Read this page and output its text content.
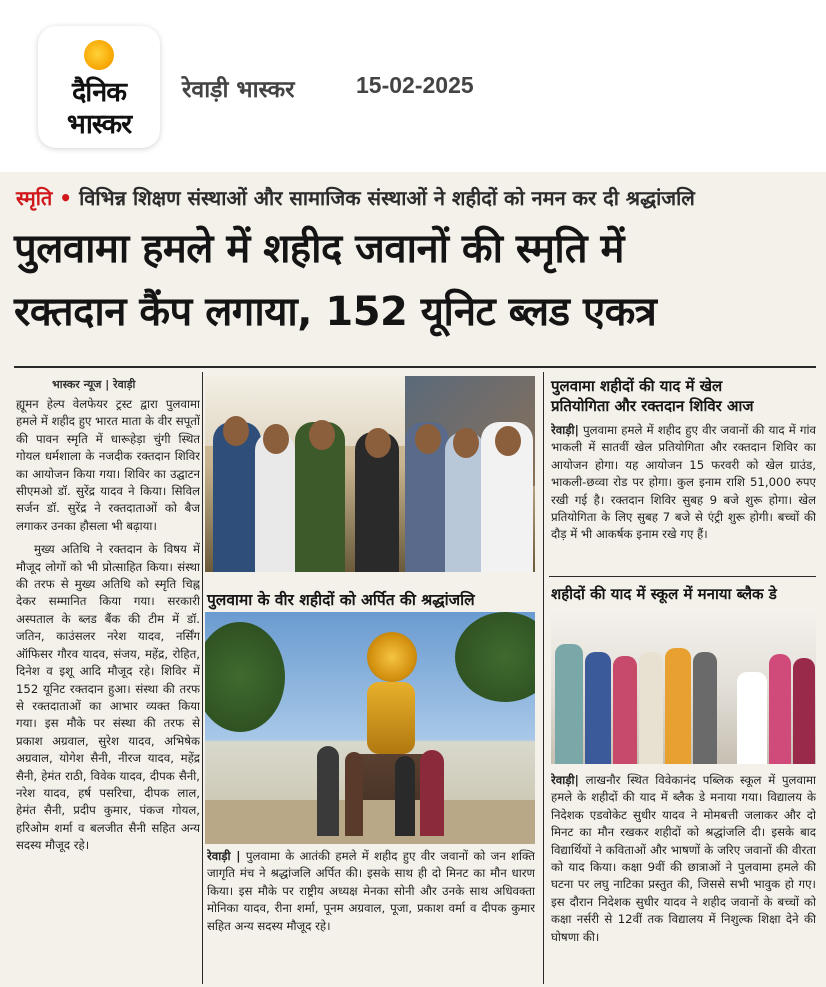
दैनिक
भास्कर
रेवाड़ी भास्कर	15-02-2025
स्मृति • विभिन्न शिक्षण संस्थाओं और सामाजिक संस्थाओं ने शहीदों को नमन कर दी श्रद्धांजलि
पुलवामा हमले में शहीद जवानों की स्मृति में
रक्तदान कैंप लगाया, 152 यूनिट ब्लड एकत्र
भास्कर न्यूज | रेवाड़ी

ह्यूमन हेल्प वेलफेयर ट्रस्ट द्वारा पुलवामा हमले में शहीद हुए भारत माता के वीर सपूतों की पावन स्मृति में धारूहेड़ा चुंगी स्थित गोयल धर्मशाला के नजदीक रक्तदान शिविर का आयोजन किया गया। शिविर का उद्घाटन सीएमओ डॉ. सुरेंद्र यादव ने किया। सिविल सर्जन डॉ. सुरेंद्र ने रक्तदाताओं को बैज लगाकर उनका हौसला भी बढ़ाया।

मुख्य अतिथि ने रक्तदान के विषय में मौजूद लोगों को भी प्रोत्साहित किया। संस्था की तरफ से मुख्य अतिथि को स्मृति चिह्न देकर सम्मानित किया गया। सरकारी अस्पताल के ब्लड बैंक की टीम में डॉ. जतिन, काउंसलर नरेश यादव, नर्सिंग ऑफिसर गौरव यादव, संजय, महेंद्र, रोहित, दिनेश व इशू आदि मौजूद रहे। शिविर में 152 यूनिट रक्तदान हुआ। संस्था की तरफ से रक्तदाताओं का आभार व्यक्त किया गया। इस मौके पर संस्था की तरफ से प्रकाश अग्रवाल, सुरेश यादव, अभिषेक अग्रवाल, योगेश सैनी, नीरज यादव, महेंद्र सैनी, हेमंत राठी, विवेक यादव, दीपक सैनी, नरेश यादव, हर्ष पसरिचा, दीपक लाल, हेमंत सैनी, प्रदीप कुमार, पंकज गोयल, हरिओम शर्मा व बलजीत सैनी सहित अन्य सदस्य मौजूद रहे।

पुलवामा शहीदों की याद में खेल
प्रतियोगिता और रक्तदान शिविर आज
रेवाड़ी| पुलवामा हमले में शहीद हुए वीर जवानों की याद में गांव भाकली में सातवीं खेल प्रतियोगिता और रक्तदान शिविर का आयोजन होगा। यह आयोजन 15 फरवरी को खेल ग्राउंड, भाकली-छव्वा रोड पर होगा। कुल इनाम राशि 51,000 रुपए रखी गई है। रक्तदान शिविर सुबह 9 बजे शुरू होगा। खेल प्रतियोगिता के लिए सुबह 7 बजे से एंट्री शुरू होगी। बच्चों की दौड़ में भी आकर्षक इनाम रखे गए हैं।
पुलवामा के वीर शहीदों को अर्पित की श्रद्धांजलि
रेवाड़ी | पुलवामा के आतंकी हमले में शहीद हुए वीर जवानों को जन शक्ति जागृति मंच ने श्रद्धांजलि अर्पित की। इसके साथ ही दो मिनट का मौन धारण किया। इस मौके पर राष्ट्रीय अध्यक्ष मेनका सोनी और उनके साथ अधिवक्ता मोनिका यादव, रीना शर्मा, पूनम अग्रवाल, पूजा, प्रकाश वर्मा व दीपक कुमार सहित अन्य सदस्य मौजूद रहे।
शहीदों की याद में स्कूल में मनाया ब्लैक डे
रेवाड़ी| लाखनौर स्थित विवेकानंद पब्लिक स्कूल में पुलवामा हमले के शहीदों की याद में ब्लैक डे मनाया गया। विद्यालय के निदेशक एडवोकेट सुधीर यादव ने मोमबत्ती जलाकर और दो मिनट का मौन रखकर शहीदों को श्रद्धांजलि दी। इसके बाद विद्यार्थियों ने कविताओं और भाषणों के जरिए जवानों की वीरता को याद किया। कक्षा 9वीं की छात्राओं ने पुलवामा हमले की घटना पर लघु नाटिका प्रस्तुत की, जिससे सभी भावुक हो गए। इस दौरान निदेशक सुधीर यादव ने शहीद जवानों के बच्चों को कक्षा नर्सरी से 12वीं तक विद्यालय में निशुल्क शिक्षा देने की घोषणा की।
